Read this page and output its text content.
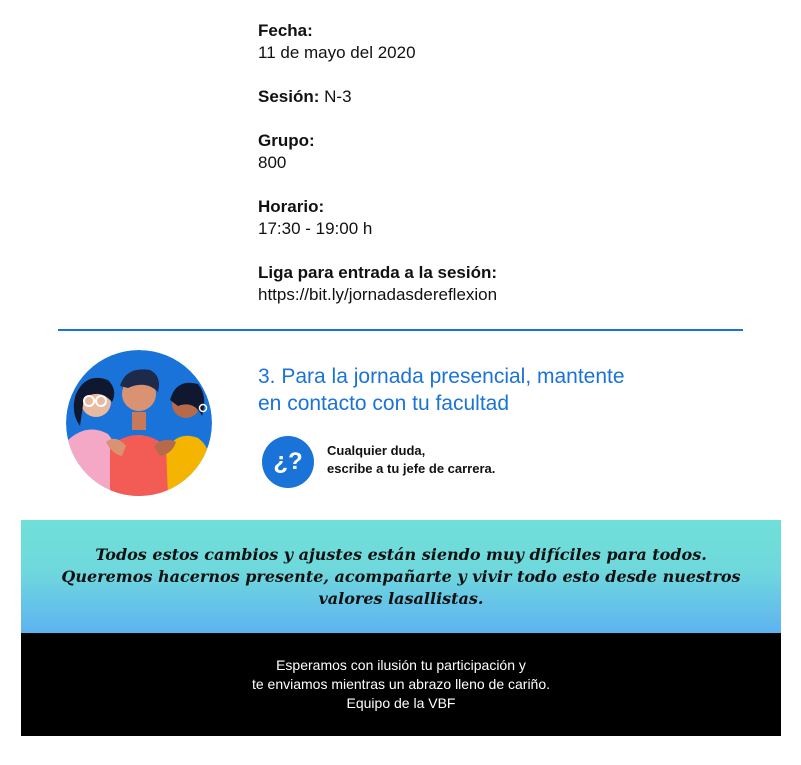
Fecha:
11 de mayo del 2020
Sesión: N-3
Grupo:
800
Horario:
17:30 - 19:00 h
Liga para entrada a la sesión:
https://bit.ly/jornadasdereflexion
3. Para la jornada presencial, mantente
en contacto con tu facultad
¿?	Cualquier duda,
escribe a tu jefe de carrera.
Todos estos cambios y ajustes están siendo muy difíciles para todos.
Queremos hacernos presente, acompañarte y vivir todo esto desde nuestros
valores lasallistas.
Esperamos con ilusión tu participación y
te enviamos mientras un abrazo lleno de cariño.
Equipo de la VBF
